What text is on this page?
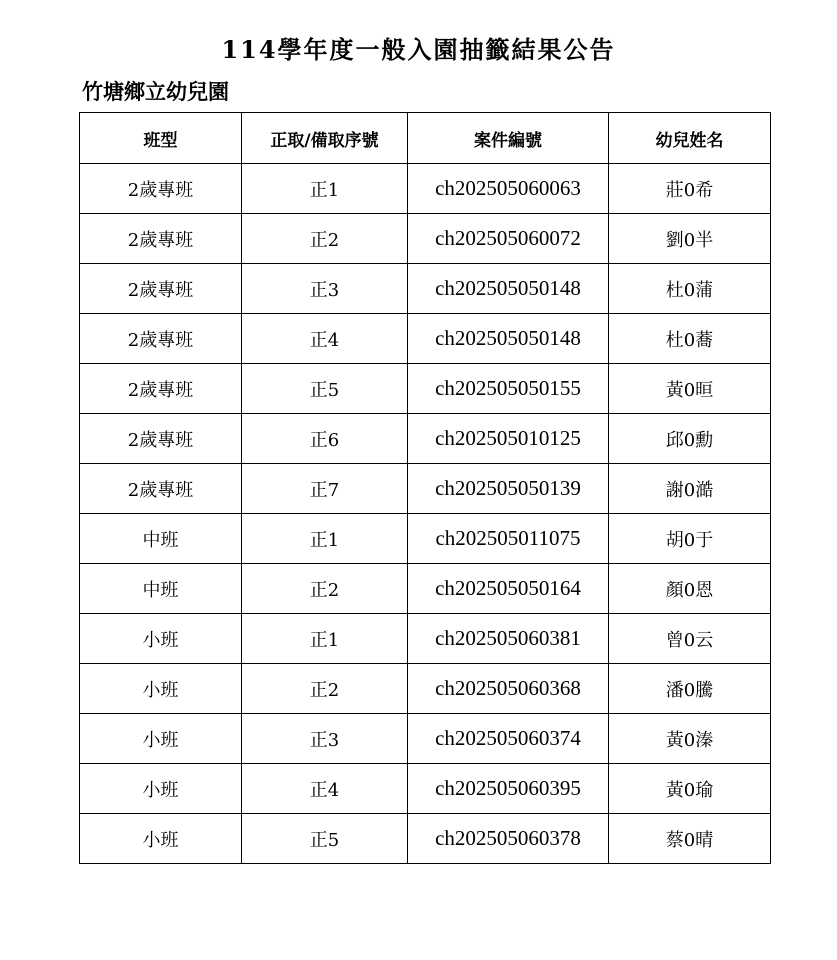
114學年度一般入園抽籤結果公告
竹塘鄉立幼兒園
班型	正取/備取序號	案件編號	幼兒姓名
2歲專班	正1	ch202505060063	莊0希
2歲專班	正2	ch202505060072	劉0半
2歲專班	正3	ch202505050148	杜0蒲
2歲專班	正4	ch202505050148	杜0蕎
2歲專班	正5	ch202505050155	黃0晅
2歲專班	正6	ch202505010125	邱0勳
2歲專班	正7	ch202505050139	謝0澔
中班	正1	ch202505011075	胡0于
中班	正2	ch202505050164	顏0恩
小班	正1	ch202505060381	曾0云
小班	正2	ch202505060368	潘0騰
小班	正3	ch202505060374	黃0溱
小班	正4	ch202505060395	黃0瑜
小班	正5	ch202505060378	蔡0晴
